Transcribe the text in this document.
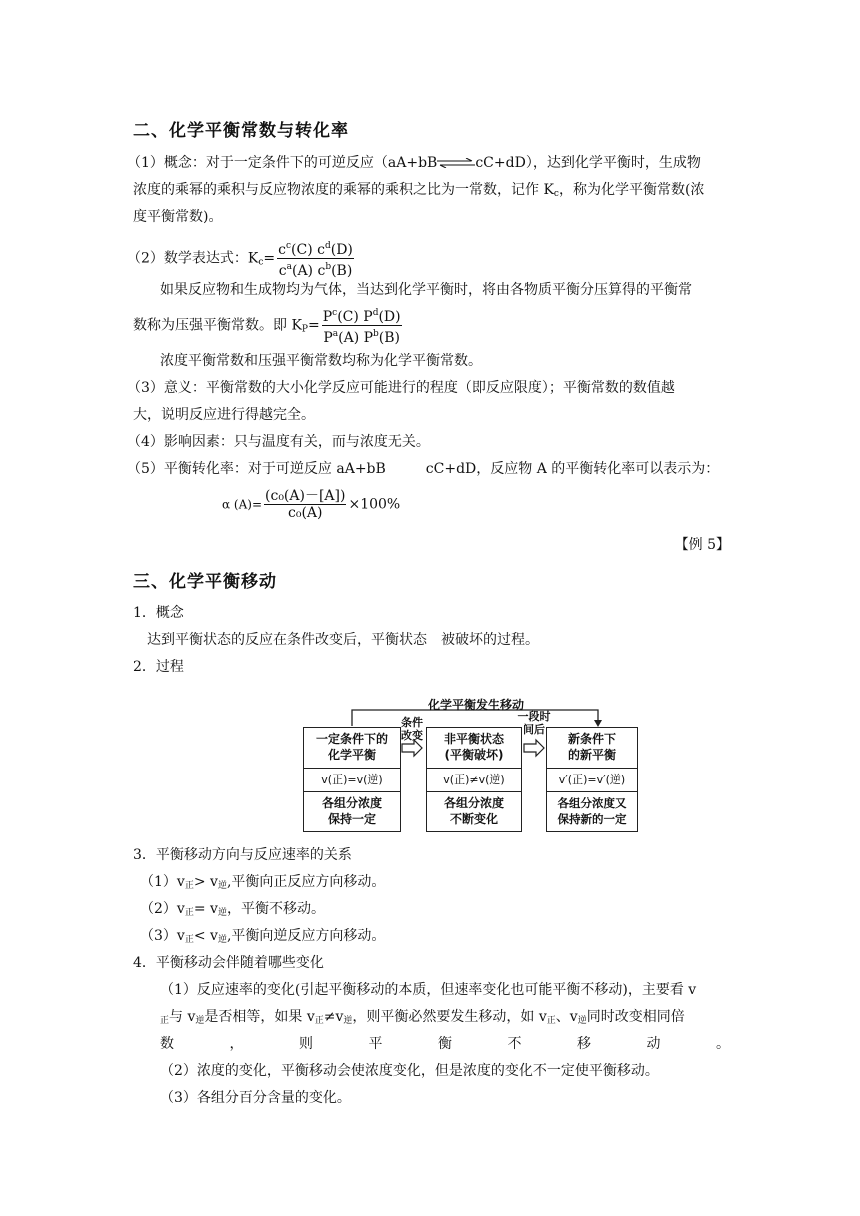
二、化学平衡常数与转化率
（1）概念：对于一定条件下的可逆反应（aA+bB⇌cC+dD），达到化学平衡时，生成物
浓度的乘幂的乘积与反应物浓度的乘幂的乘积之比为一常数，记作 $K_c$，称为化学平衡常数(浓
度平衡常数)。
（2）数学表达式：$K_c= \frac{c^c(C) c^d(D)}{c^a(A) c^b(B)}$
如果反应物和生成物均为气体，当达到化学平衡时，将由各物质平衡分压算得的平衡常
数称为压强平衡常数。即 $K_P= \frac{P^c(C) P^d(D)}{P^a(A) P^b(B)}$
浓度平衡常数和压强平衡常数均称为化学平衡常数。
（3）意义：平衡常数的大小化学反应可能进行的程度（即反应限度）；平衡常数的数值越
大，说明反应进行得越完全。
（4）影响因素：只与温度有关，而与浓度无关。
（5）平衡转化率：对于可逆反应 aA+bB	cC+dD，反应物 A 的平衡转化率可以表示为：
α $(A)= \frac{\text{(c₀(A)－[A])}}{\text{c₀(A)}} \times 100\%$
【例 5】
三、化学平衡移动
1．概念
达到平衡状态的反应在条件改变后，平衡状态　被破坏的过程。
2．过程
化学平衡发生移动
一定条件下的
化学平衡
v(正)=v(逆)
各组分浓度
保持一定
条件
改变	非平衡状态
(平衡破坏)
v(正)≠v(逆)
各组分浓度
不断变化
一段时
间后
新条件下
的新平衡
v′(正)=v′(逆)
各组分浓度又
保持新的一定
3．平衡移动方向与反应速率的关系
$(1)v_正> v_逆$,平衡向正反应方向移动。
$(2)v_正= v_逆$，平衡不移动。
$(3)v_正< v_逆$,平衡向逆反应方向移动。
4．平衡移动会伴随着哪些变化
（1）反应速率的变化(引起平衡移动的本质，但速率变化也可能平衡不移动)，主要看 v
$_正$与 $v_逆$是否相等，如果 $v_正\ne v_逆$，则平衡必然要发生移动，如 $v_正$、$v_逆$同时改变相同倍
数	，	则	平	衡	不	移	动	。
（2）浓度的变化，平衡移动会使浓度变化，但是浓度的变化不一定使平衡移动。
（3）各组分百分含量的变化。
